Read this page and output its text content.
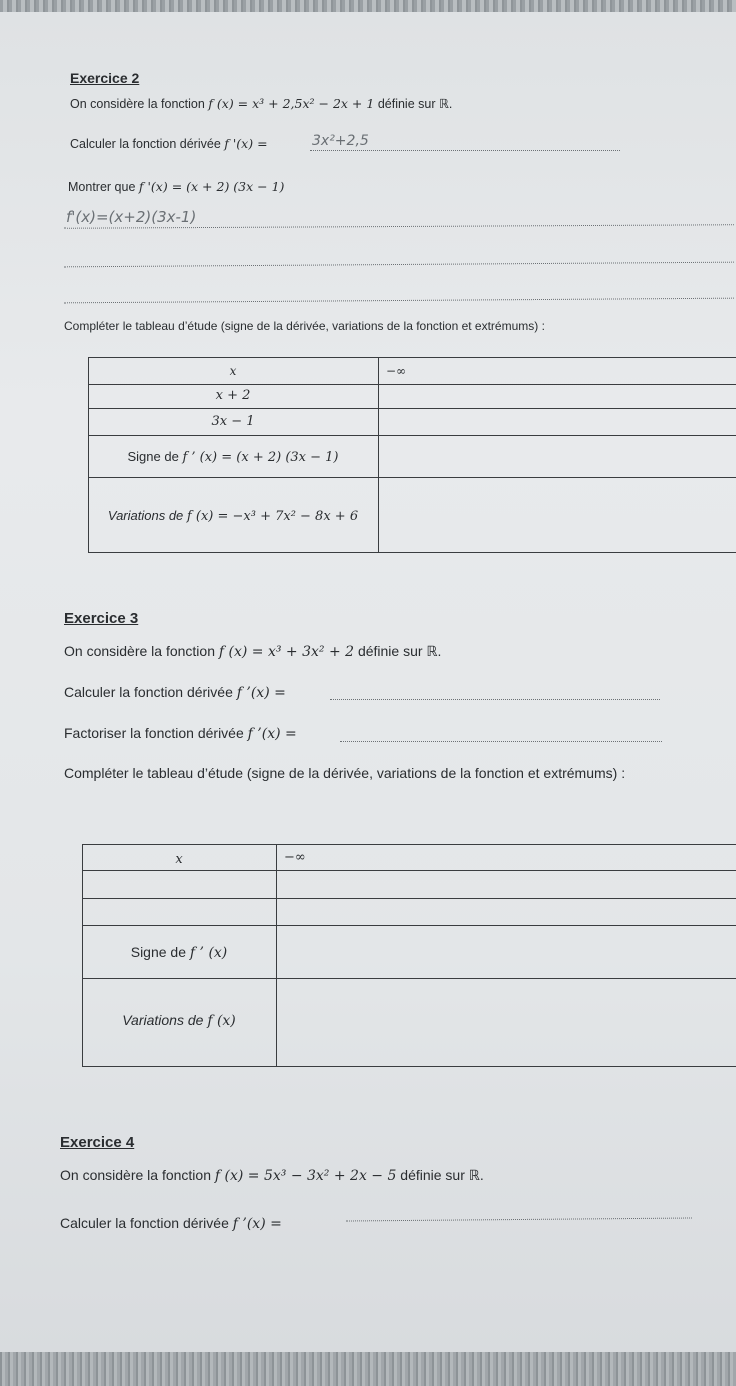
Exercice 2
On considère la fonction f (x) = x³ + 2,5x² − 2x + 1 définie sur ℝ.
Calculer la fonction dérivée f '(x) =	3x²+2,5
Montrer que f '(x) = (x + 2) (3x − 1)
f'(x)=(x+2)(3x-1)
Compléter le tableau d’étude (signe de la dérivée, variations de la fonction et extrémums) :
x	−∞
x + 2
3x − 1
Signe de f ’ (x) = (x + 2) (3x − 1)
Variations de f (x) = −x³ + 7x² − 8x + 6
Exercice 3
On considère la fonction f (x) = x³ + 3x² + 2 définie sur ℝ.
Calculer la fonction dérivée f ’(x) =
Factoriser la fonction dérivée f ’(x) =
Compléter le tableau d’étude (signe de la dérivée, variations de la fonction et extrémums) :
x	−∞
Signe de f ’ (x)
Variations de f (x)
Exercice 4
On considère la fonction f (x) = 5x³ − 3x² + 2x − 5 définie sur ℝ.
Calculer la fonction dérivée f ’(x) =
